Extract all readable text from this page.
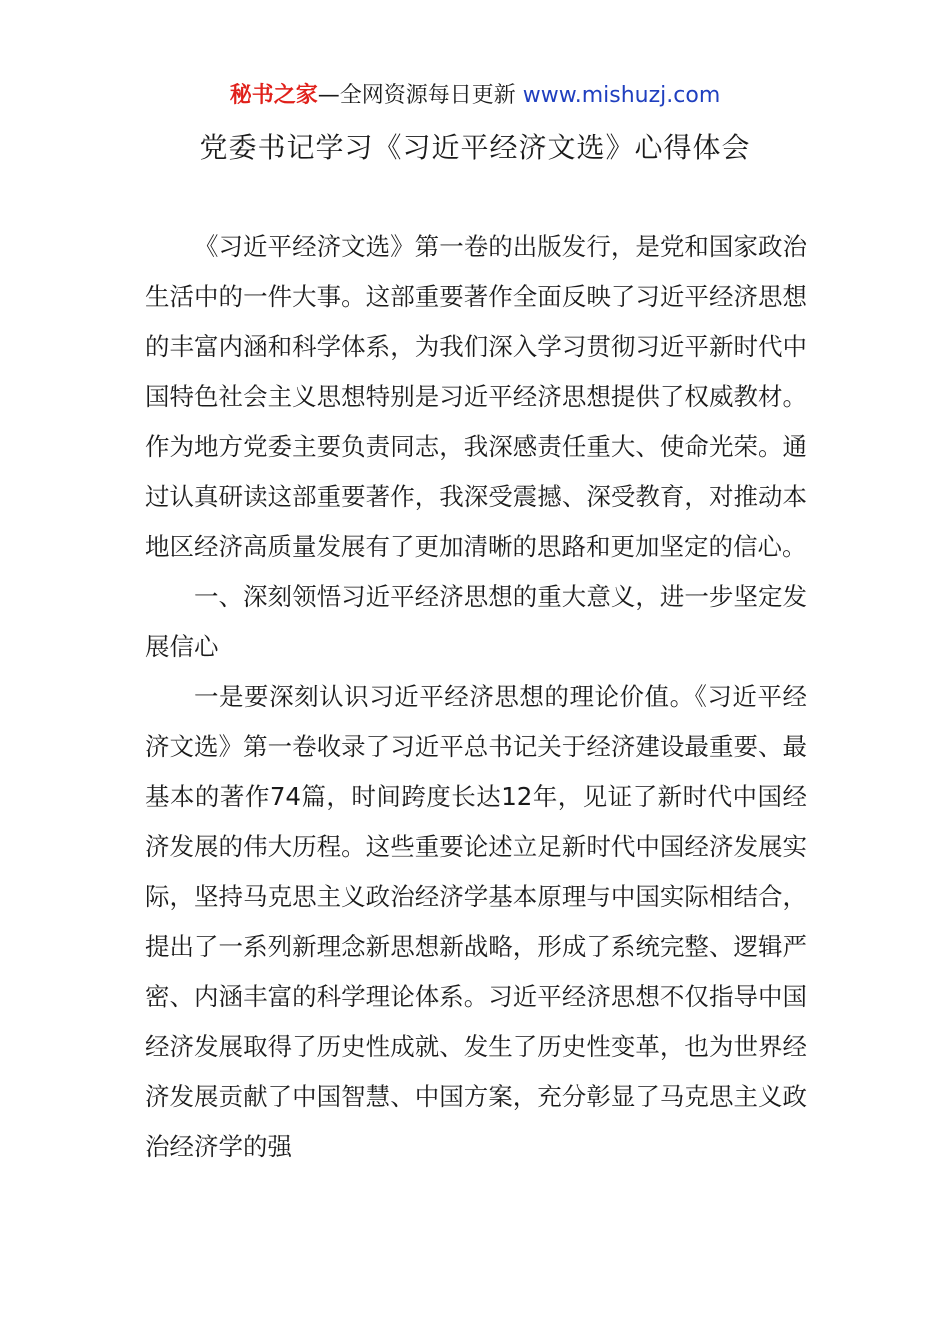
秘书之家—全网资源每日更新 www.mishuzj.com
党委书记学习《习近平经济文选》心得体会

《习近平经济文选》第一卷的出版发行，是党和国家政治生活中的一件大事。这部重要著作全面反映了习近平经济思想的丰富内涵和科学体系，为我们深入学习贯彻习近平新时代中国特色社会主义思想特别是习近平经济思想提供了权威教材。作为地方党委主要负责同志，我深感责任重大、使命光荣。通过认真研读这部重要著作，我深受震撼、深受教育，对推动本地区经济高质量发展有了更加清晰的思路和更加坚定的信心。

一、深刻领悟习近平经济思想的重大意义，进一步坚定发展信心

一是要深刻认识习近平经济思想的理论价值。《习近平经济文选》第一卷收录了习近平总书记关于经济建设最重要、最基本的著作74篇，时间跨度长达12年，见证了新时代中国经济发展的伟大历程。这些重要论述立足新时代中国经济发展实际，坚持马克思主义政治经济学基本原理与中国实际相结合，提出了一系列新理念新思想新战略，形成了系统完整、逻辑严密、内涵丰富的科学理论体系。习近平经济思想不仅指导中国经济发展取得了历史性成就、发生了历史性变革，也为世界经济发展贡献了中国智慧、中国方案，充分彰显了马克思主义政治经济学的强
